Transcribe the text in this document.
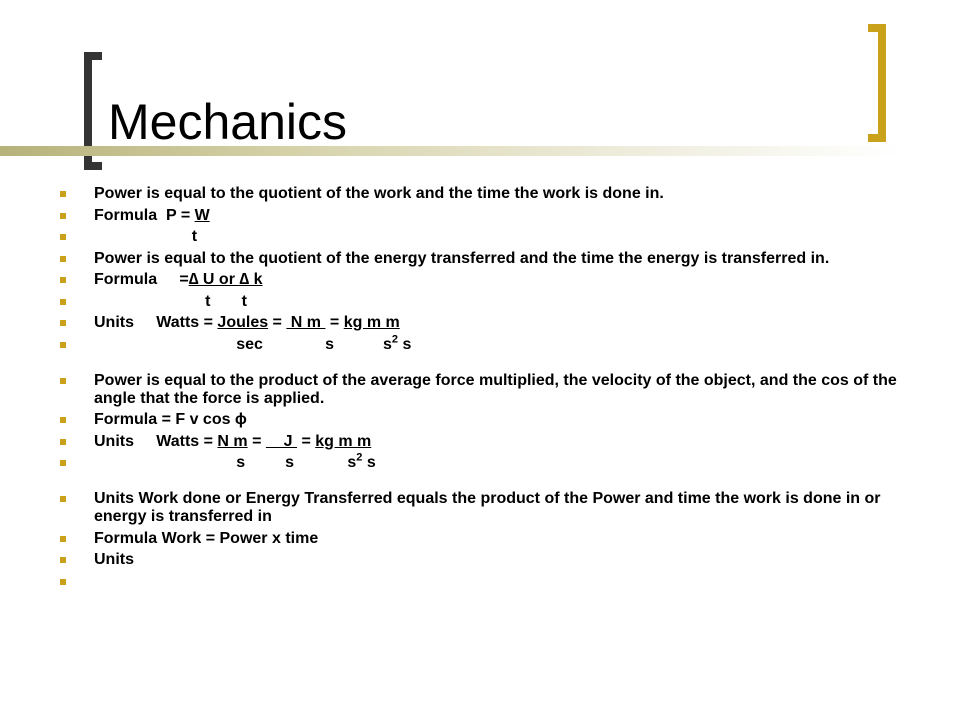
Mechanics
Power is equal to the quotient of the work and the time the work is done in.
Formula  P = W
t
Power is equal to the quotient of the energy transferred and the time the energy is transferred in.
Formula     =∆ U or ∆ k
t       t
Units     Watts = Joules =  N m  = kg m m
sec              s           $s^2$ s
Power is equal to the product of the average force multiplied, the velocity of the object, and the cos of the angle that the force is applied.
Formula = F v cos ϕ
Units     Watts = N m =     J  = kg m m
s         s            $s^2$ s
Units Work done or Energy Transferred equals the product of the Power and time the work is done in or energy is transferred in
Formula Work = Power x time
Units
